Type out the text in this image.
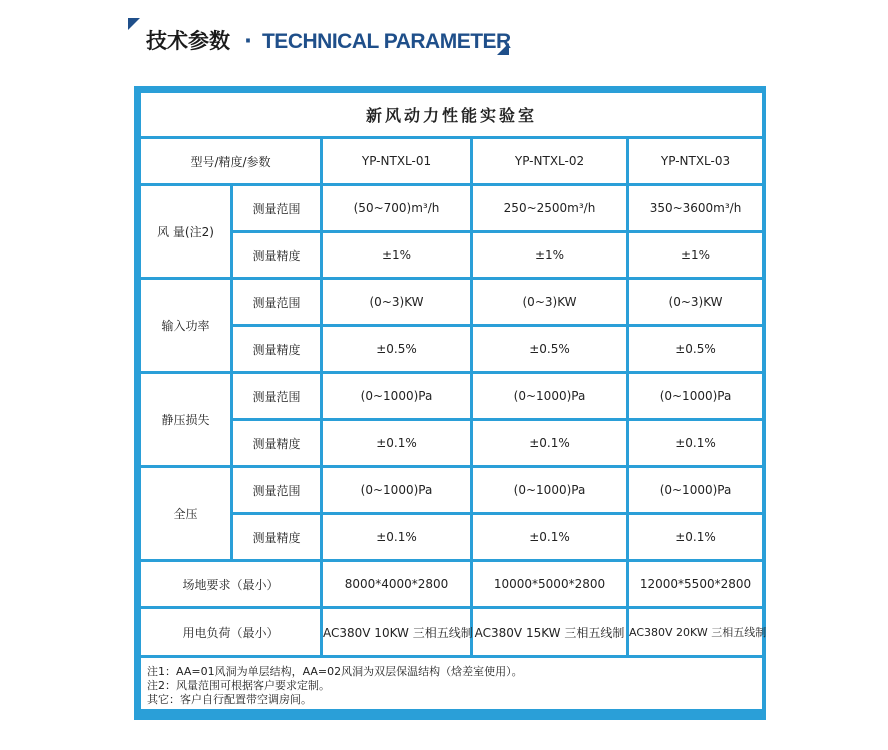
技术参数 · TECHNICAL PARAMETER
新风动力性能实验室				
型号/精度/参数		YP-NTXL-01	YP-NTXL-02	YP-NTXL-03
风 量(注2)	测量范围	(50~700)m³/h	250~2500m³/h	350~3600m³/h
	测量精度	±1%	±1%	±1%
输入功率	测量范围	(0~3)KW	(0~3)KW	(0~3)KW
	测量精度	±0.5%	±0.5%	±0.5%
静压损失	测量范围	(0~1000)Pa	(0~1000)Pa	(0~1000)Pa
	测量精度	±0.1%	±0.1%	±0.1%
全压	测量范围	(0~1000)Pa	(0~1000)Pa	(0~1000)Pa
	测量精度	±0.1%	±0.1%	±0.1%
场地要求（最小）		8000*4000*2800	10000*5000*2800	12000*5500*2800
用电负荷（最小）		AC380V 10KW 三相五线制	AC380V 15KW 三相五线制	AC380V 20KW 三相五线制

注1：AA=01风洞为单层结构，AA=02风洞为双层保温结构（焓差室使用）。
注2：风量范围可根据客户要求定制。
其它：客户自行配置带空调房间。				
